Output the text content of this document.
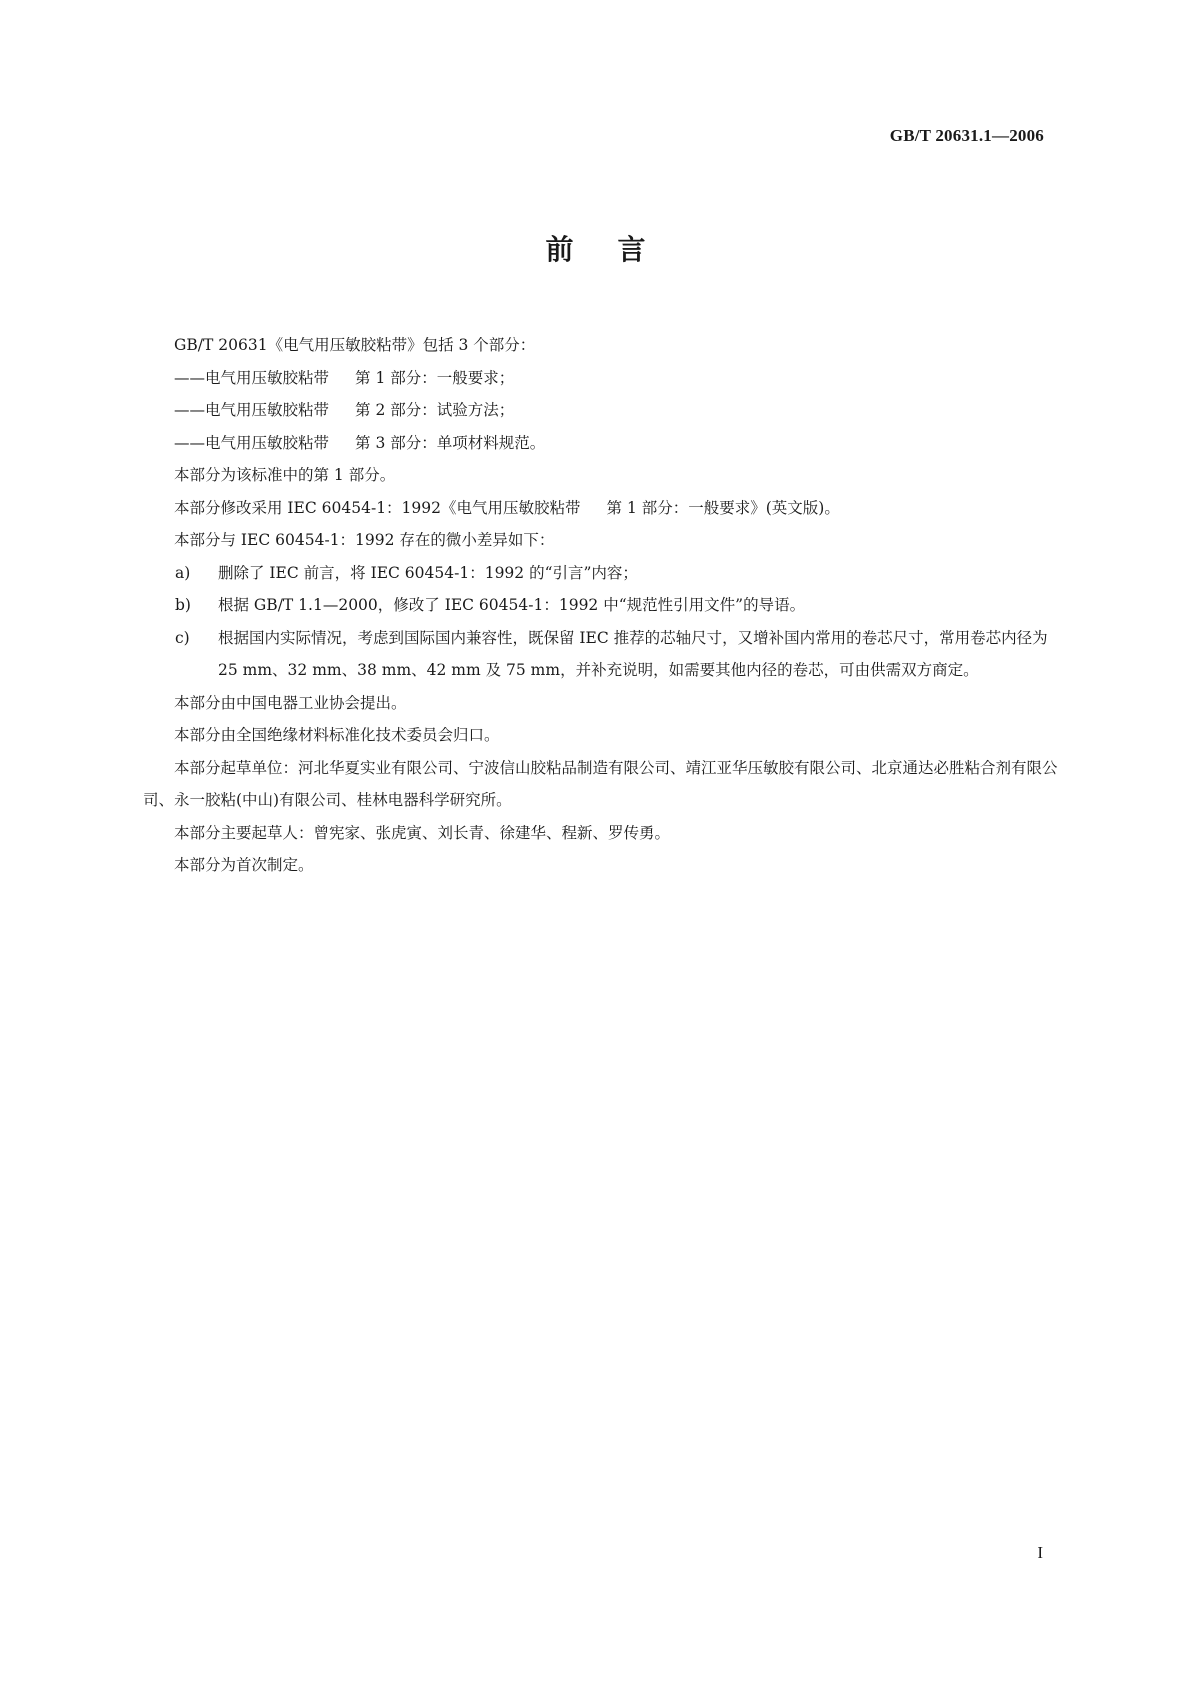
GB/T 20631.1—2006
前言

GB/T 20631《电气用压敏胶粘带》包括 3 个部分：

——电气用压敏胶粘带 第 1 部分：一般要求；

——电气用压敏胶粘带 第 2 部分：试验方法；

——电气用压敏胶粘带 第 3 部分：单项材料规范。

本部分为该标准中的第 1 部分。

本部分修改采用 IEC 60454-1：1992《电气用压敏胶粘带 第 1 部分：一般要求》(英文版)。

本部分与 IEC 60454-1：1992 存在的微小差异如下：

a) 删除了 IEC 前言，将 IEC 60454-1：1992 的“引言”内容；

b) 根据 GB/T 1.1—2000，修改了 IEC 60454-1：1992 中“规范性引用文件”的导语。

c) 根据国内实际情况，考虑到国际国内兼容性，既保留 IEC 推荐的芯轴尺寸，又增补国内常用的卷芯尺寸，常用卷芯内径为 25 mm、32 mm、38 mm、42 mm 及 75 mm，并补充说明，如需要其他内径的卷芯，可由供需双方商定。

本部分由中国电器工业协会提出。

本部分由全国绝缘材料标准化技术委员会归口。

本部分起草单位：河北华夏实业有限公司、宁波信山胶粘品制造有限公司、靖江亚华压敏胶有限公司、北京通达必胜粘合剂有限公司、永一胶粘(中山)有限公司、桂林电器科学研究所。

本部分主要起草人：曾宪家、张虎寅、刘长青、徐建华、程新、罗传勇。

本部分为首次制定。

I
